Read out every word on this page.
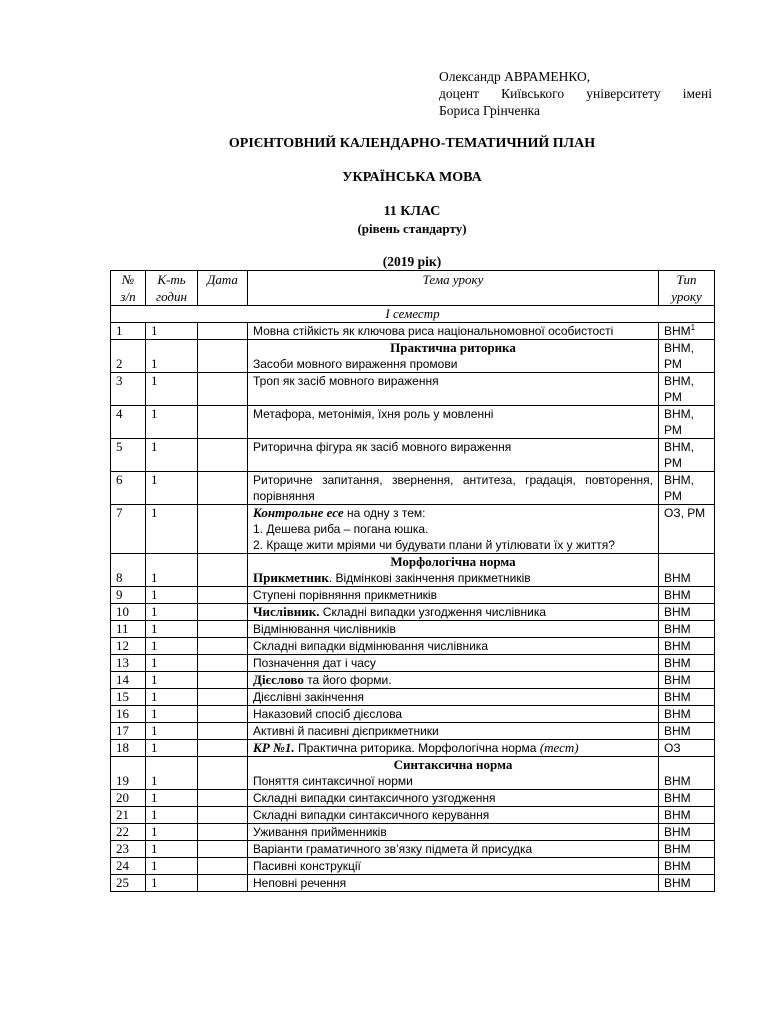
Олександр АВРАМЕНКО,
доцент Київського університету імені
Бориса Грінченка
ОРІЄНТОВНИЙ КАЛЕНДАРНО-ТЕМАТИЧНИЙ ПЛАН
УКРАЇНСЬКА МОВА
11 КЛАС
(рівень стандарту)
(2019 рік)
№ з/п	К-ть годин	Дата	Тема уроку	Тип уроку
І семестр				
1	1		Мовна стійкість як ключова риса національномовної особистості	ВНМ$^1$
2	1		Практична риторика
Засоби мовного вираження промови	ВНМ, РМ
3	1		Троп як засіб мовного вираження	ВНМ, РМ
4	1		Метафора, метонімія, їхня роль у мовленні	ВНМ, РМ
5	1		Риторична фігура як засіб мовного вираження	ВНМ, РМ
6	1		Риторичне запитання, звернення, антитеза, градація, повторення, порівняння	ВНМ, РМ
7	1		Контрольне есе на одну з тем:
1. Дешева риба – погана юшка.
2. Краще жити мріями чи будувати плани й утілювати їх у життя?	ОЗ, РМ
8	1		Морфологічна норма
Прикметник. Відмінкові закінчення прикметників	ВНМ
9	1		Ступені порівняння прикметників	ВНМ
10	1		Числівник. Складні випадки узгодження числівника	ВНМ
11	1		Відмінювання числівників	ВНМ
12	1		Складні випадки відмінювання числівника	ВНМ
13	1		Позначення дат і часу	ВНМ
14	1		Дієслово та його форми.	ВНМ
15	1		Дієслівні закінчення	ВНМ
16	1		Наказовий спосіб дієслова	ВНМ
17	1		Активні й пасивні дієприкметники	ВНМ
18	1		КР №1. Практична риторика. Морфологічна норма (тест)	ОЗ
19	1		Синтаксична норма
Поняття синтаксичної норми	ВНМ
20	1		Складні випадки синтаксичного узгодження	ВНМ
21	1		Складні випадки синтаксичного керування	ВНМ
22	1		Уживання прийменників	ВНМ
23	1		Варіанти граматичного зв’язку підмета й присудка	ВНМ
24	1		Пасивні конструкції	ВНМ
25	1		Неповні речення	ВНМ
